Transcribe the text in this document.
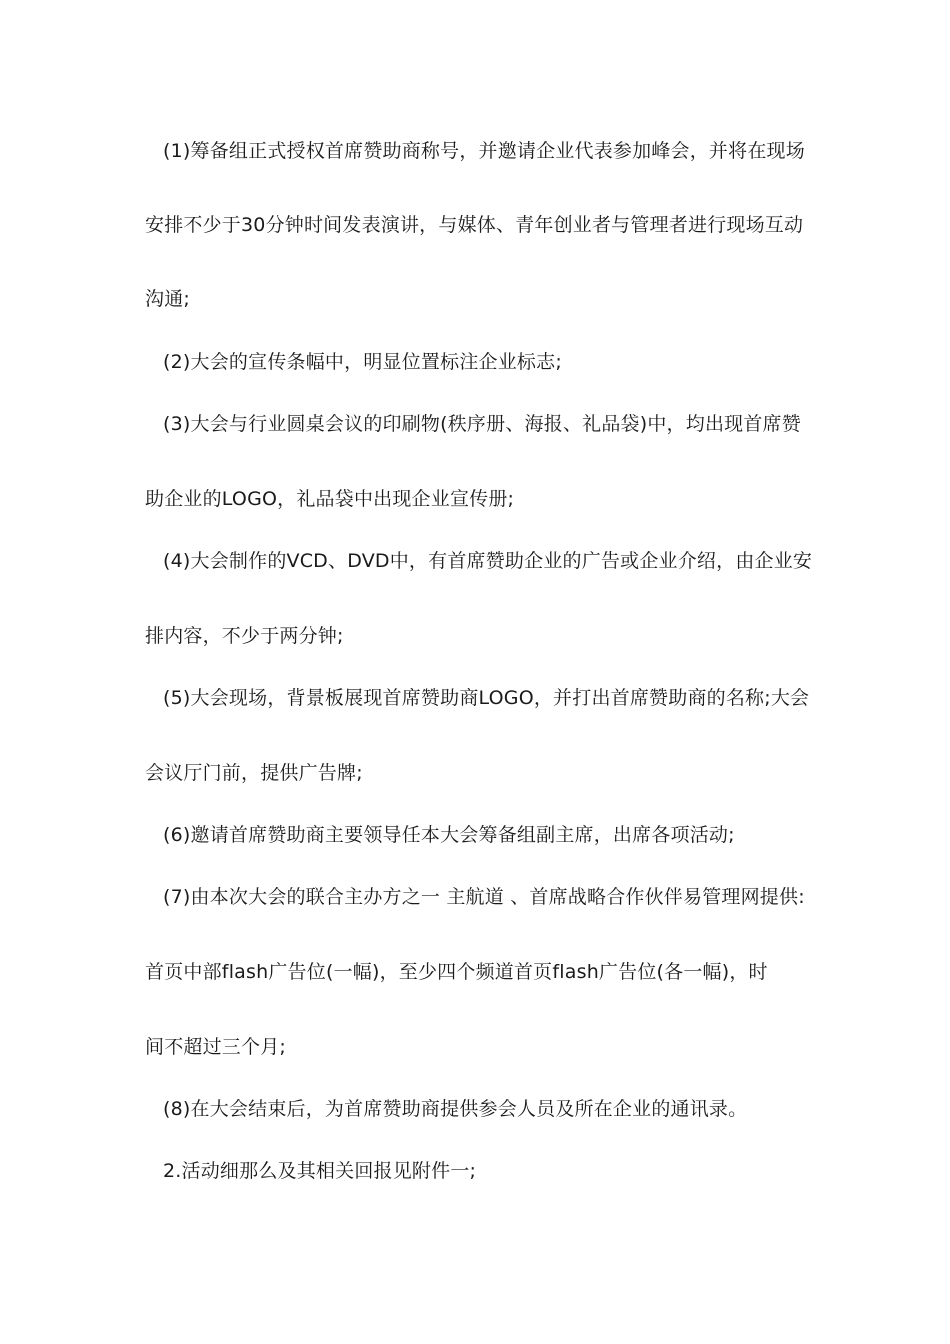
(1)筹备组正式授权首席赞助商称号，并邀请企业代表参加峰会，并将在现场
安排不少于30分钟时间发表演讲，与媒体、青年创业者与管理者进行现场互动
沟通;
(2)大会的宣传条幅中，明显位置标注企业标志;
(3)大会与行业圆桌会议的印刷物(秩序册、海报、礼品袋)中，均出现首席赞
助企业的LOGO，礼品袋中出现企业宣传册;
(4)大会制作的VCD、DVD中，有首席赞助企业的广告或企业介绍，由企业安
排内容，不少于两分钟;
(5)大会现场，背景板展现首席赞助商LOGO，并打出首席赞助商的名称;大会
会议厅门前，提供广告牌;
(6)邀请首席赞助商主要领导任本大会筹备组副主席，出席各项活动;
(7)由本次大会的联合主办方之一 主航道 、首席战略合作伙伴易管理网提供:
首页中部flash广告位(一幅)，至少四个频道首页flash广告位(各一幅)，时
间不超过三个月;
(8)在大会结束后，为首席赞助商提供参会人员及所在企业的通讯录。
2.活动细那么及其相关回报见附件一;
